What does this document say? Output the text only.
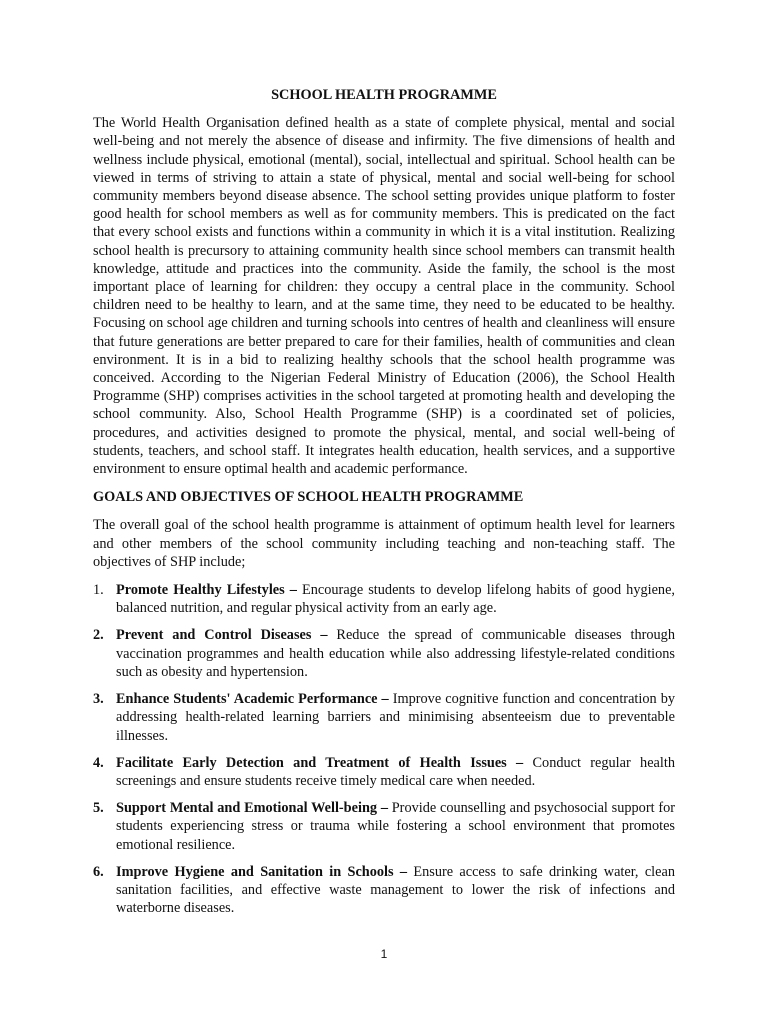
SCHOOL HEALTH PROGRAMME

The World Health Organisation defined health as a state of complete physical, mental and social well-being and not merely the absence of disease and infirmity. The five dimensions of health and wellness include physical, emotional (mental), social, intellectual and spiritual. School health can be viewed in terms of striving to attain a state of physical, mental and social well-being for school community members beyond disease absence. The school setting provides unique platform to foster good health for school members as well as for community members. This is predicated on the fact that every school exists and functions within a community in which it is a vital institution. Realizing school health is precursory to attaining community health since school members can transmit health knowledge, attitude and practices into the community. Aside the family, the school is the most important place of learning for children: they occupy a central place in the community. School children need to be healthy to learn, and at the same time, they need to be educated to be healthy. Focusing on school age children and turning schools into centres of health and cleanliness will ensure that future generations are better prepared to care for their families, health of communities and clean environment. It is in a bid to realizing healthy schools that the school health programme was conceived. According to the Nigerian Federal Ministry of Education (2006), the School Health Programme (SHP) comprises activities in the school targeted at promoting health and developing the school community. Also, School Health Programme (SHP) is a coordinated set of policies, procedures, and activities designed to promote the physical, mental, and social well-being of students, teachers, and school staff. It integrates health education, health services, and a supportive environment to ensure optimal health and academic performance.

GOALS AND OBJECTIVES OF SCHOOL HEALTH PROGRAMME

The overall goal of the school health programme is attainment of optimum health level for learners and other members of the school community including teaching and non-teaching staff. The objectives of SHP include;

1. Promote Healthy Lifestyles – Encourage students to develop lifelong habits of good hygiene, balanced nutrition, and regular physical activity from an early age.
2. Prevent and Control Diseases – Reduce the spread of communicable diseases through vaccination programmes and health education while also addressing lifestyle-related conditions such as obesity and hypertension.
3. Enhance Students' Academic Performance – Improve cognitive function and concentration by addressing health-related learning barriers and minimising absenteeism due to preventable illnesses.
4. Facilitate Early Detection and Treatment of Health Issues – Conduct regular health screenings and ensure students receive timely medical care when needed.
5. Support Mental and Emotional Well-being – Provide counselling and psychosocial support for students experiencing stress or trauma while fostering a school environment that promotes emotional resilience.
6. Improve Hygiene and Sanitation in Schools – Ensure access to safe drinking water, clean sanitation facilities, and effective waste management to lower the risk of infections and waterborne diseases.
1
